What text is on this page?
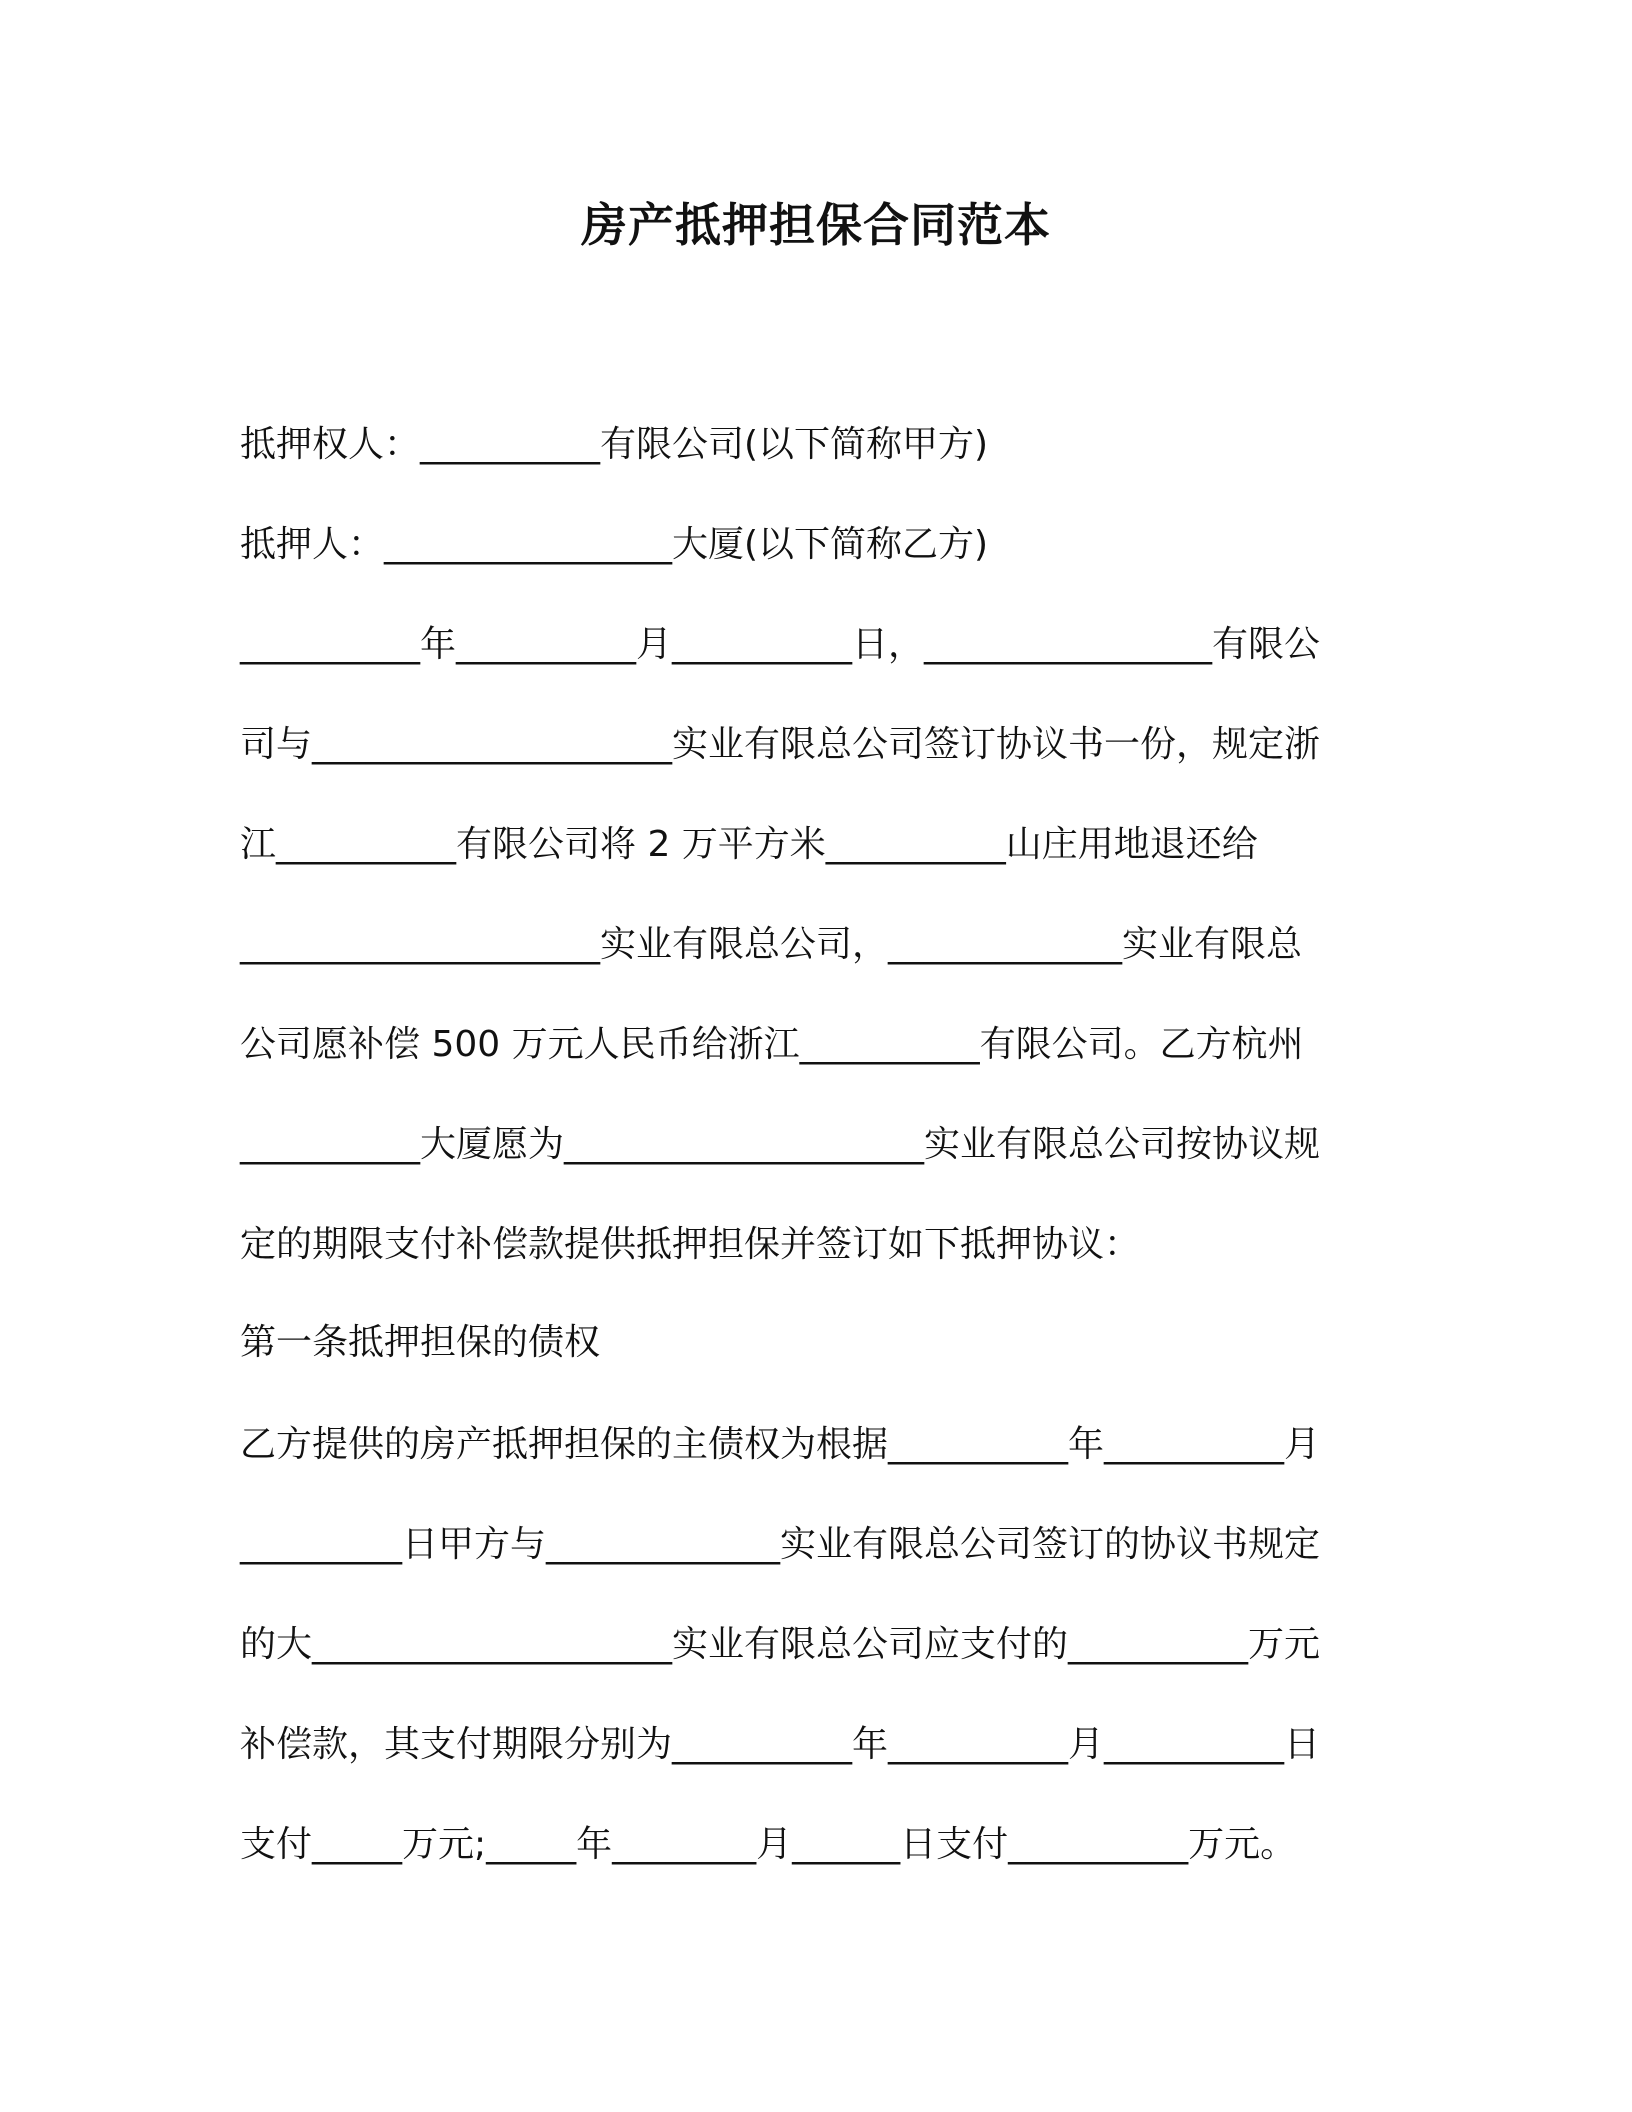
房产抵押担保合同范本
抵押权人：__________有限公司(以下简称甲方)
抵押人：________________大厦(以下简称乙方)
__________年__________月__________日，________________有限公
司与____________________实业有限总公司签订协议书一份，规定浙
江__________有限公司将 2 万平方米__________山庄用地退还给
____________________实业有限总公司，_____________实业有限总
公司愿补偿 500 万元人民币给浙江__________有限公司。乙方杭州
__________大厦愿为____________________实业有限总公司按协议规
定的期限支付补偿款提供抵押担保并签订如下抵押协议：
第一条抵押担保的债权
乙方提供的房产抵押担保的主债权为根据__________年__________月
_________日甲方与_____________实业有限总公司签订的协议书规定
的大____________________实业有限总公司应支付的__________万元
补偿款，其支付期限分别为__________年__________月__________日
支付_____万元;_____年________月______日支付__________万元。
